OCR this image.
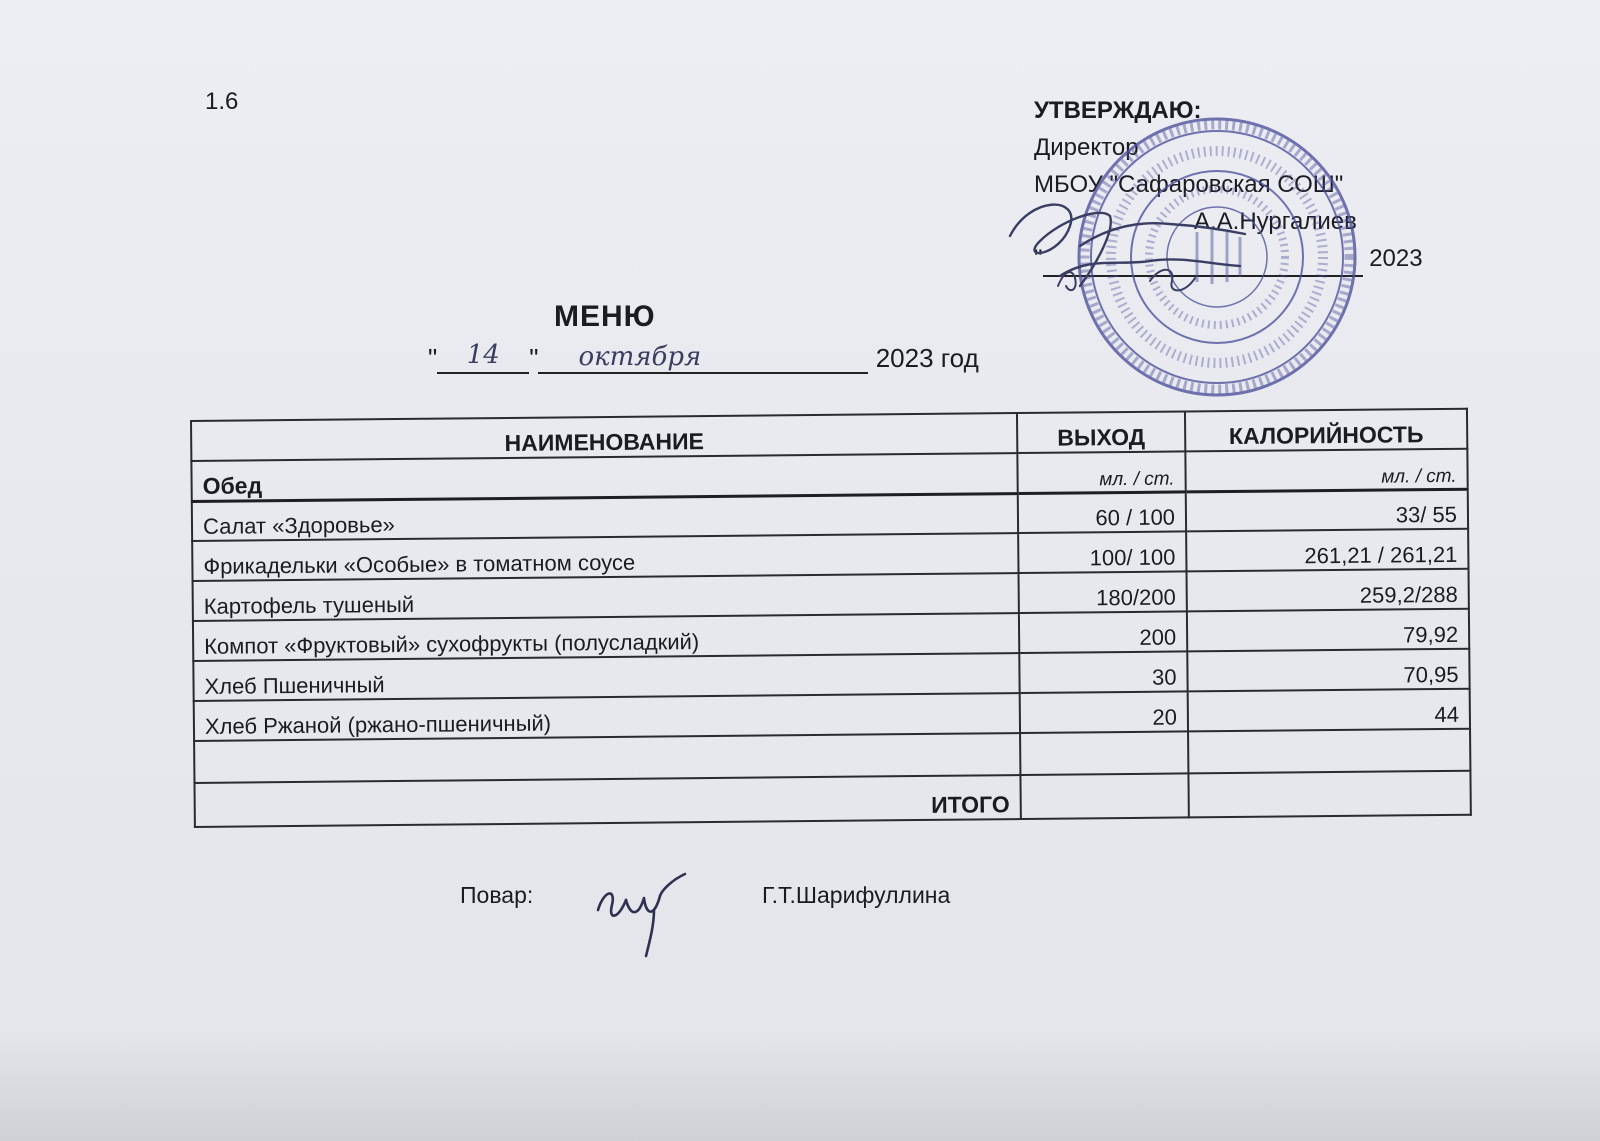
1.6	УТВЕРЖДАЮ:
Директор
МБОУ "Сафаровская СОШ"
А.А.Нургалиев
"	2023
МЕНЮ
" 14 " октября	2023 год
НАИМЕНОВАНИЕ	ВЫХОД	КАЛОРИЙНОСТЬ
Обед	мл. / ст.	мл. / ст.
Салат «Здоровье»	60 / 100	33/ 55
Фрикадельки «Особые» в томатном соусе	100/ 100	261,21 / 261,21
Картофель тушеный	180/200	259,2/288
Компот «Фруктовый» сухофрукты (полусладкий)	200	79,92
Хлеб Пшеничный	30	70,95
Хлеб Ржаной (ржано-пшеничный)	20	44

ИТОГО		
Повар:	Г.Т.Шарифуллина
